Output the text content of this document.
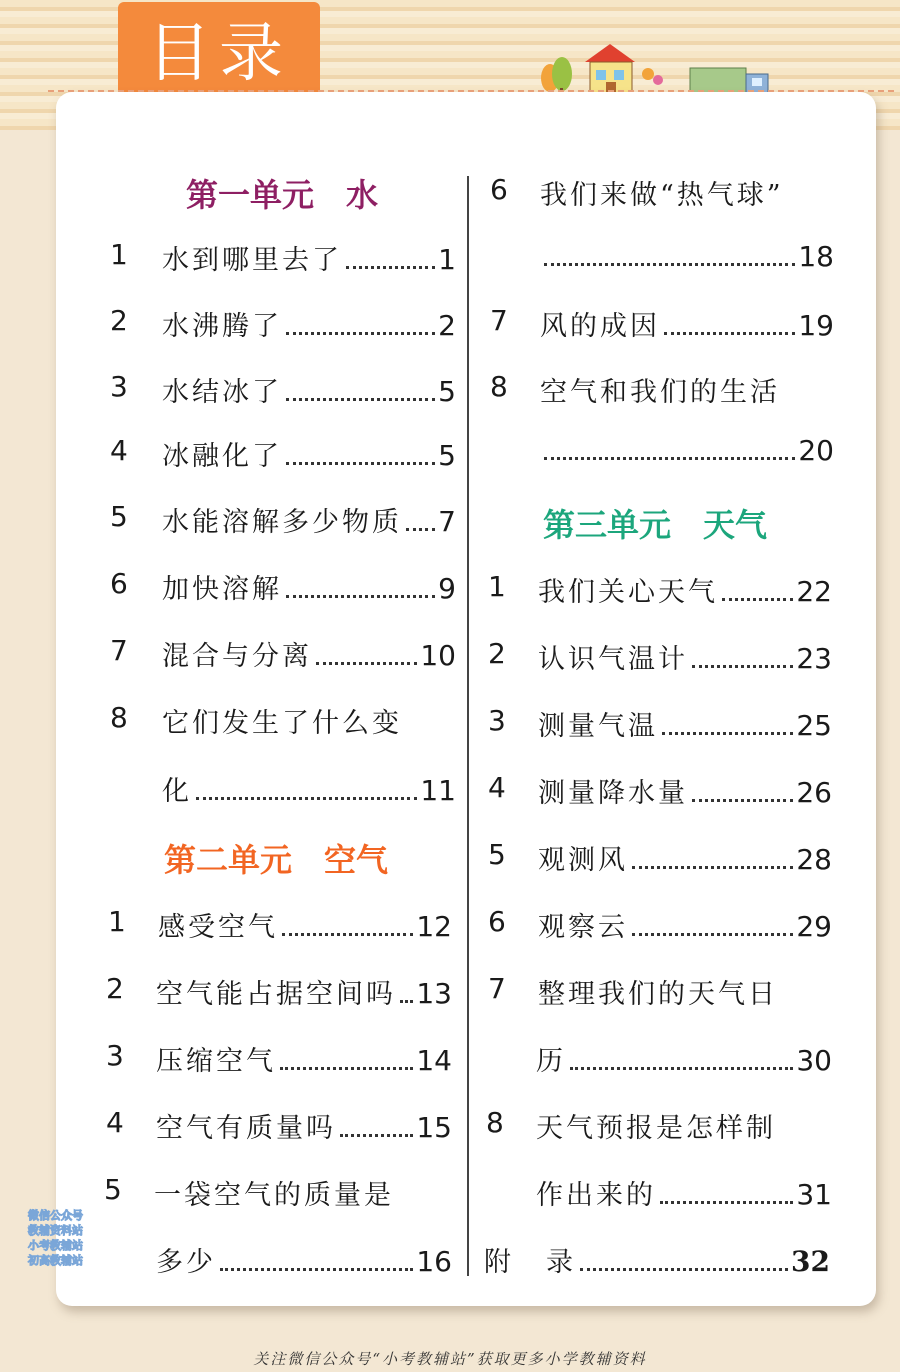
目录
第一单元　水
第二单元　空气
第三单元　天气
1	水到哪里去了	1
2	水沸腾了	2
3	水结冰了	5
4	冰融化了	5
5	水能溶解多少物质 7
6	加快溶解	9
7	混合与分离	10
8	它们发生了什么变
化	11
1	感受空气	12
2	空气能占据空间吗 13
3	压缩空气	14
4	空气有质量吗	15
5	一袋空气的质量是
多少	16
6	我们来做“热气球”
18
7	风的成因	19
8	空气和我们的生活
20
1	我们关心天气	22
2	认识气温计	23
3	测量气温	25
4	测量降水量	26
5	观测风	28
6	观察云	29
7	整理我们的天气日
历	30
8	天气预报是怎样制
作出来的	31
附 录	32
微信公众号
教辅资料站
小考教辅站
初高教辅站
关注微信公众号“小考教辅站”获取更多小学教辅资料
